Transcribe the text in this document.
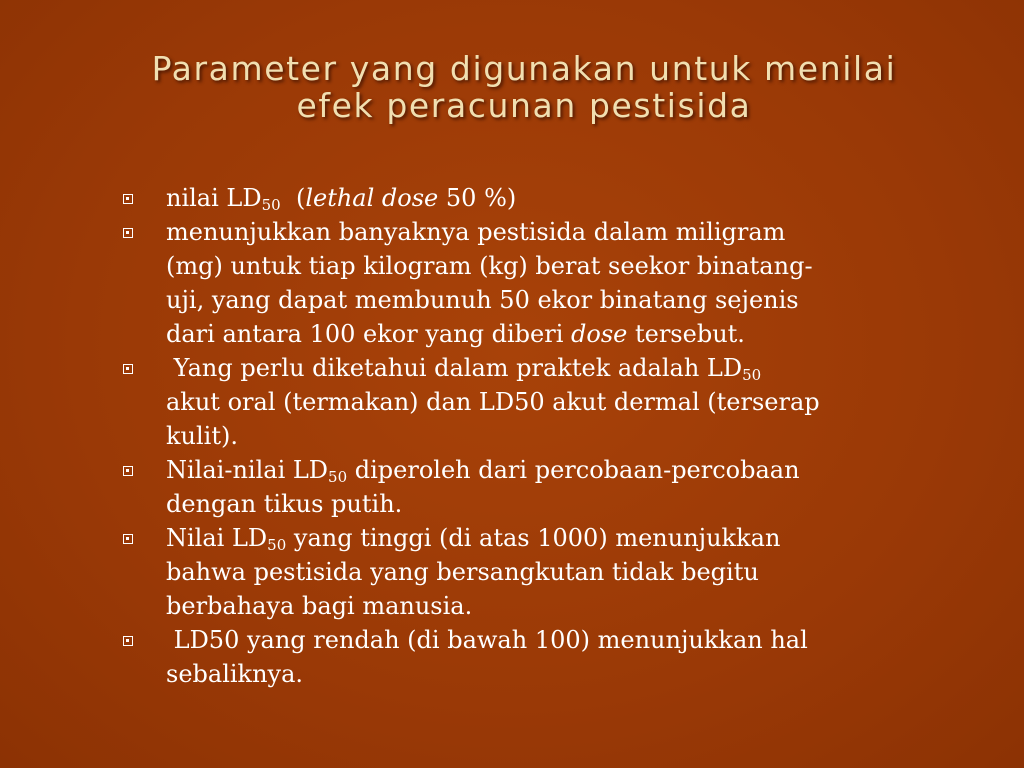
Parameter yang digunakan untuk menilai
efek peracunan pestisida
nilai $LD_{50}$  (lethal dose 50 %)
menunjukkan banyaknya pestisida dalam miligram
(mg) untuk tiap kilogram (kg) berat seekor binatang-
uji, yang dapat membunuh 50 ekor binatang sejenis
dari antara 100 ekor yang diberi dose tersebut.
Yang perlu diketahui dalam praktek adalah $LD_{50}$
akut oral (termakan) dan LD50 akut dermal (terserap
kulit).
Nilai-nilai $LD_{50}$ diperoleh dari percobaan-percobaan
dengan tikus putih.
Nilai $LD_{50}$ yang tinggi (di atas 1000) menunjukkan
bahwa pestisida yang bersangkutan tidak begitu
berbahaya bagi manusia.
LD50 yang rendah (di bawah 100) menunjukkan hal
sebaliknya.
